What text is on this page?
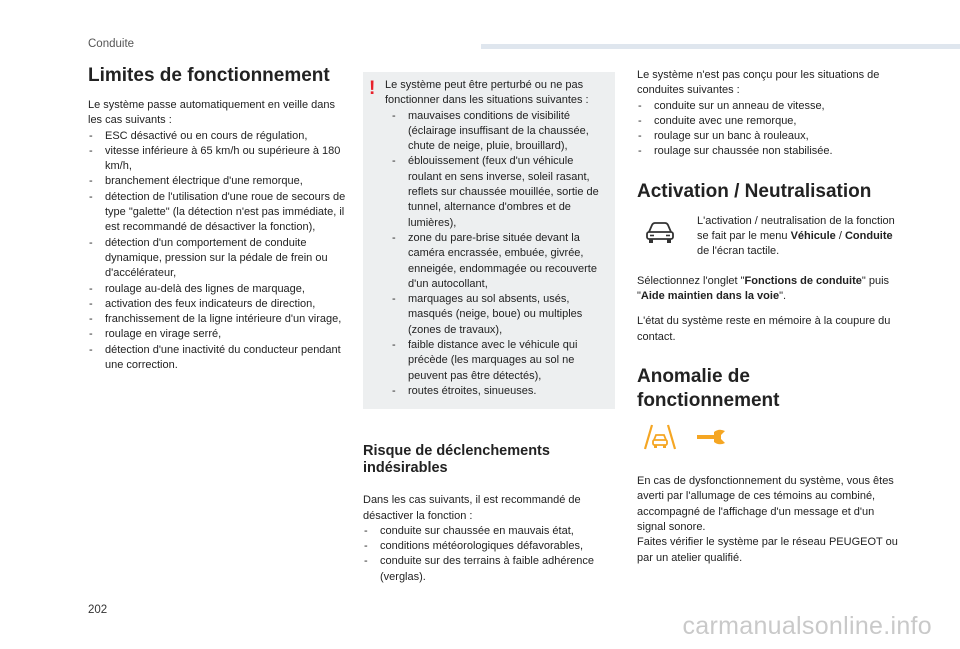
Conduite
Limites de fonctionnement

Le système passe automatiquement en veille dans les cas suivants :

- ESC désactivé ou en cours de régulation,
- vitesse inférieure à 65 km/h ou supérieure à 180 km/h,
- branchement électrique d'une remorque,
- détection de l'utilisation d'une roue de secours de type "galette" (la détection n'est pas immédiate, il est recommandé de désactiver la fonction),
- détection d'un comportement de conduite dynamique, pression sur la pédale de frein ou d'accélérateur,
- roulage au-delà des lignes de marquage,
- activation des feux indicateurs de direction,
- franchissement de la ligne intérieure d'un virage,
- roulage en virage serré,
- détection d'une inactivité du conducteur pendant une correction.
! Le système peut être perturbé ou ne pas fonctionner dans les situations suivantes :

- mauvaises conditions de visibilité (éclairage insuffisant de la chaussée, chute de neige, pluie, brouillard),
- éblouissement (feux d'un véhicule roulant en sens inverse, soleil rasant, reflets sur chaussée mouillée, sortie de tunnel, alternance d'ombres et de lumières),
- zone du pare-brise située devant la caméra encrassée, embuée, givrée, enneigée, endommagée ou recouverte d'un autocollant,
- marquages au sol absents, usés, masqués (neige, boue) ou multiples (zones de travaux),
- faible distance avec le véhicule qui précède (les marquages au sol ne peuvent pas être détectés),
- routes étroites, sinueuses.
Risque de déclenchements indésirables

Dans les cas suivants, il est recommandé de désactiver la fonction :

- conduite sur chaussée en mauvais état,
- conditions météorologiques défavorables,
- conduite sur des terrains à faible adhérence (verglas).

Le système n'est pas conçu pour les situations de conduites suivantes :

- conduite sur un anneau de vitesse,
- conduite avec une remorque,
- roulage sur un banc à rouleaux,
- roulage sur chaussée non stabilisée.
Activation / Neutralisation

L'activation / neutralisation de la fonction se fait par le menu Véhicule / Conduite de l'écran tactile.

Sélectionnez l'onglet "Fonctions de conduite" puis "Aide maintien dans la voie".

L'état du système reste en mémoire à la coupure du contact.

Anomalie de fonctionnement

En cas de dysfonctionnement du système, vous êtes averti par l'allumage de ces témoins au combiné, accompagné de l'affichage d'un message et d'un signal sonore.

Faites vérifier le système par le réseau PEUGEOT ou par un atelier qualifié.

202
carmanualsonline.info
